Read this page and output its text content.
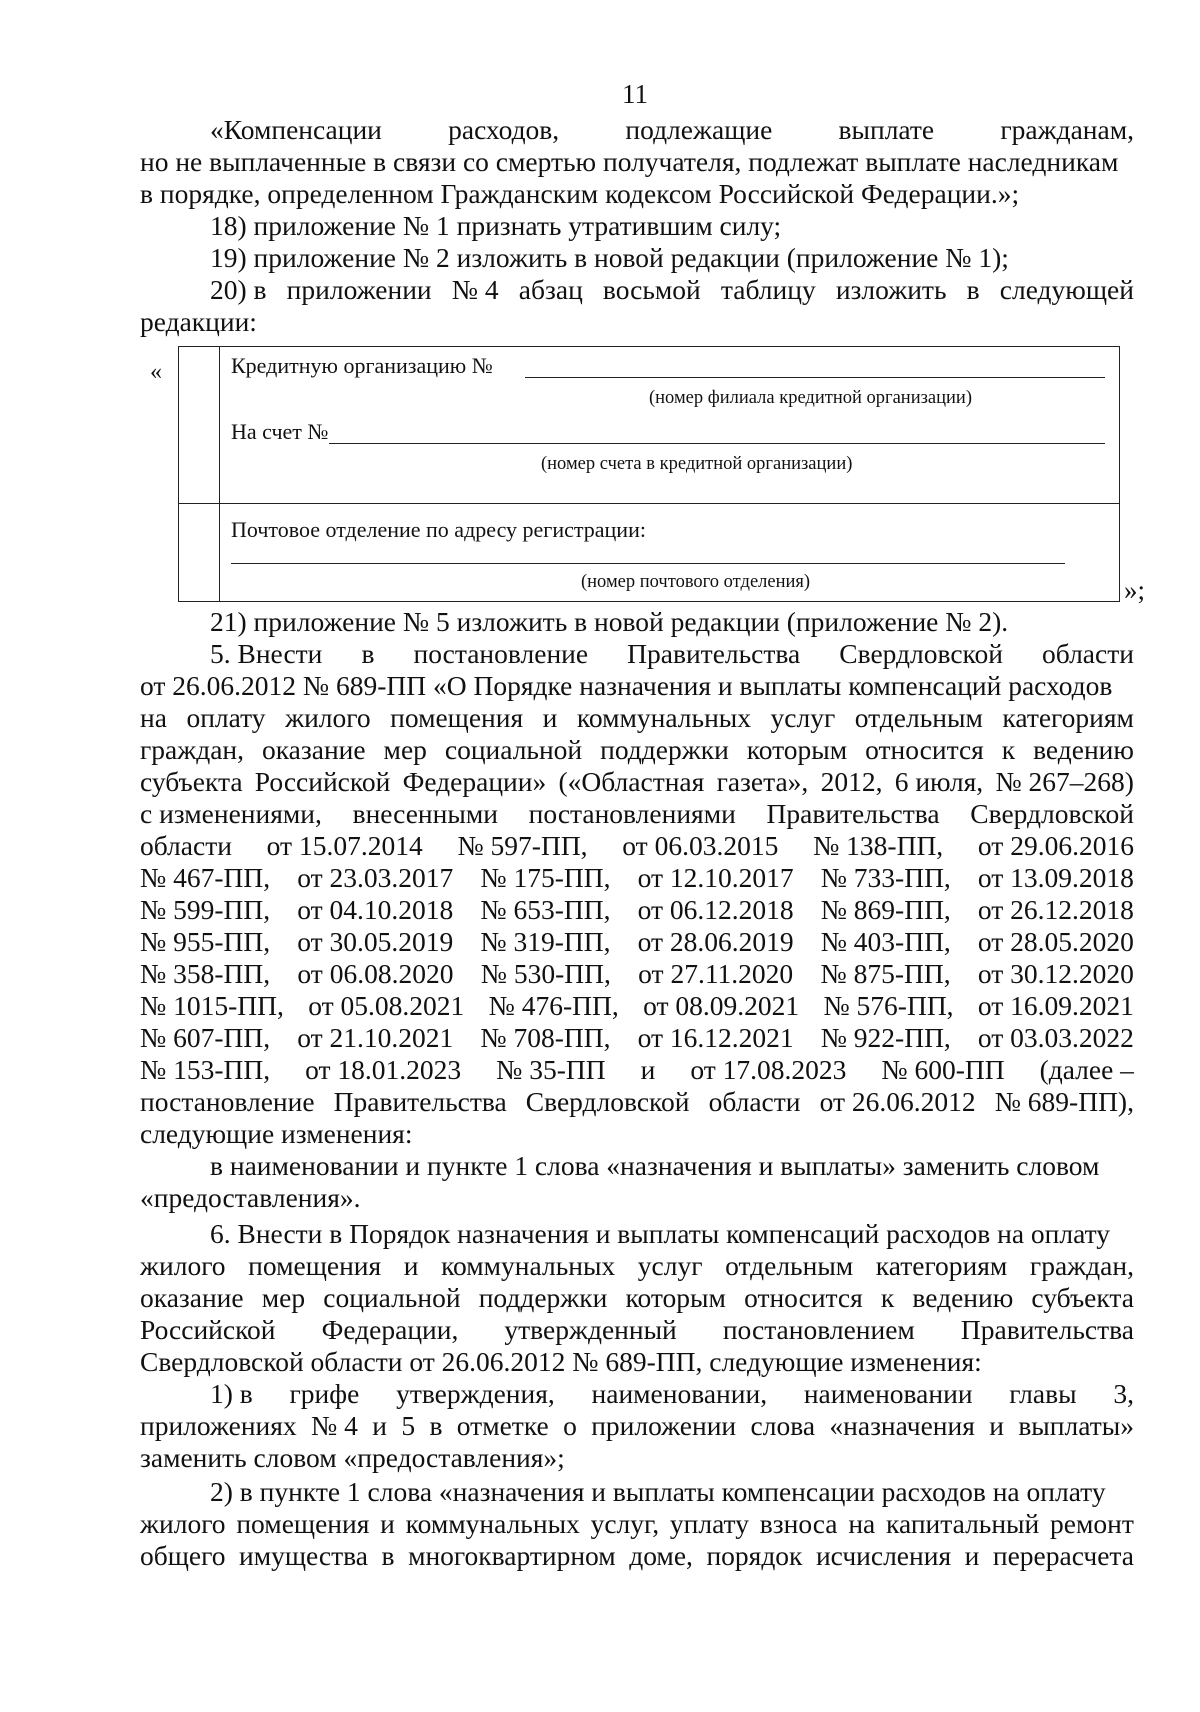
11
«Компенсации расходов, подлежащие выплате гражданам,
но не выплаченные в связи со смертью получателя, подлежат выплате наследникам
в порядке, определенном Гражданским кодексом Российской Федерации.»;
18) приложение № 1 признать утратившим силу;
19) приложение № 2 изложить в новой редакции (приложение № 1);
20) в приложении № 4 абзац восьмой таблицу изложить в следующей
редакции:
«	Кредитную организацию №
(номер филиала кредитной организации)
На счет №
(номер счета в кредитной организации)
Почтовое отделение по адресу регистрации:
(номер почтового отделения)	»;
21) приложение № 5 изложить в новой редакции (приложение № 2).
5. Внести в постановление Правительства Свердловской области
от 26.06.2012 № 689-ПП «О Порядке назначения и выплаты компенсаций расходов
на оплату жилого помещения и коммунальных услуг отдельным категориям
граждан, оказание мер социальной поддержки которым относится к ведению
субъекта Российской Федерации» («Областная газета», 2012, 6 июля, № 267–268)
с изменениями, внесенными постановлениями Правительства Свердловской
области от 15.07.2014 № 597-ПП, от 06.03.2015 № 138-ПП, от 29.06.2016
№ 467-ПП, от 23.03.2017 № 175-ПП, от 12.10.2017 № 733-ПП, от 13.09.2018
№ 599-ПП, от 04.10.2018 № 653-ПП, от 06.12.2018 № 869-ПП, от 26.12.2018
№ 955-ПП, от 30.05.2019 № 319-ПП, от 28.06.2019 № 403-ПП, от 28.05.2020
№ 358-ПП, от 06.08.2020 № 530-ПП, от 27.11.2020 № 875-ПП, от 30.12.2020
№ 1015-ПП, от 05.08.2021 № 476-ПП, от 08.09.2021 № 576-ПП, от 16.09.2021
№ 607-ПП, от 21.10.2021 № 708-ПП, от 16.12.2021 № 922-ПП, от 03.03.2022
№ 153-ПП, от 18.01.2023 № 35-ПП и от 17.08.2023 № 600-ПП (далее –
постановление Правительства Свердловской области от 26.06.2012 № 689-ПП),
следующие изменения:
в наименовании и пункте 1 слова «назначения и выплаты» заменить словом
«предоставления».
6. Внести в Порядок назначения и выплаты компенсаций расходов на оплату
жилого помещения и коммунальных услуг отдельным категориям граждан,
оказание мер социальной поддержки которым относится к ведению субъекта
Российской Федерации, утвержденный постановлением Правительства
Свердловской области от 26.06.2012 № 689-ПП, следующие изменения:
1) в грифе утверждения, наименовании, наименовании главы 3,
приложениях № 4 и 5 в отметке о приложении слова «назначения и выплаты»
заменить словом «предоставления»;
2) в пункте 1 слова «назначения и выплаты компенсации расходов на оплату
жилого помещения и коммунальных услуг, уплату взноса на капитальный ремонт
общего имущества в многоквартирном доме, порядок исчисления и перерасчета
